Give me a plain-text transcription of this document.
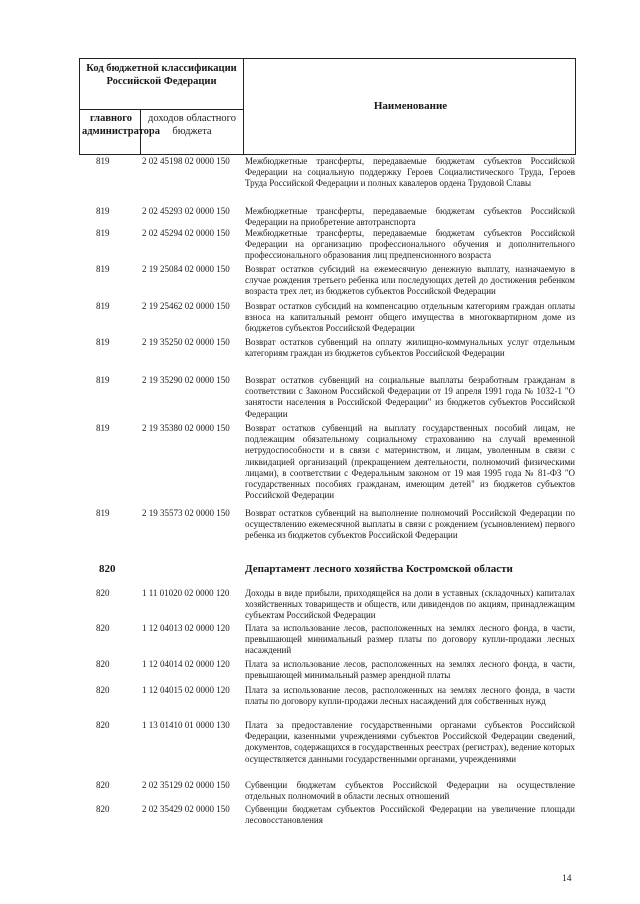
Код бюджетной классификации Российской Федерации
главного администратора
доходов областного бюджета
Наименование
819	2 02 45198 02 0000 150	Межбюджетные трансферты, передаваемые бюджетам субъектов Российской Федерации на социальную поддержку Героев Социалистического Труда, Героев Труда Российской Федерации и полных кавалеров ордена Трудовой Славы
819	2 02 45293 02 0000 150	Межбюджетные трансферты, передаваемые бюджетам субъектов Российской Федерации на приобретение автотранспорта
819	2 02 45294 02 0000 150	Межбюджетные трансферты, передаваемые бюджетам субъектов Российской Федерации на организацию профессионального обучения и дополнительного профессионального образования лиц предпенсионного возраста
819	2 19 25084 02 0000 150	Возврат остатков субсидий на ежемесячную денежную выплату, назначаемую в случае рождения третьего ребенка или последующих детей до достижения ребенком возраста трех лет, из бюджетов субъектов Российской Федерации
819	2 19 25462 02 0000 150	Возврат остатков субсидий на компенсацию отдельным категориям граждан оплаты взноса на капитальный ремонт общего имущества в многоквартирном доме из бюджетов субъектов Российской Федерации
819	2 19 35250 02 0000 150	Возврат остатков субвенций на оплату жилищно-коммунальных услуг отдельным категориям граждан из бюджетов субъектов Российской Федерации
819	2 19 35290 02 0000 150	Возврат остатков субвенций на социальные выплаты безработным гражданам в соответствии с Законом Российской Федерации от 19 апреля 1991 года № 1032-1 "О занятости населения в Российской Федерации" из бюджетов субъектов Российской Федерации
819	2 19 35380 02 0000 150	Возврат остатков субвенций на выплату государственных пособий лицам, не подлежащим обязательному социальному страхованию на случай временной нетрудоспособности и в связи с материнством, и лицам, уволенным в связи с ликвидацией организаций (прекращением деятельности, полномочий физическими лицами), в соответствии с Федеральным законом от 19 мая 1995 года № 81-ФЗ "О государственных пособиях гражданам, имеющим детей" из бюджетов субъектов Российской Федерации
819	2 19 35573 02 0000 150	Возврат остатков субвенций на выполнение полномочий Российской Федерации по осуществлению ежемесячной выплаты в связи с рождением (усыновлением) первого ребенка из бюджетов субъектов Российской Федерации
820	Департамент лесного хозяйства Костромской области
820	1 11 01020 02 0000 120	Доходы в виде прибыли, приходящейся на доли в уставных (складочных) капиталах хозяйственных товариществ и обществ, или дивидендов по акциям, принадлежащим субъектам Российской Федерации
820	1 12 04013 02 0000 120	Плата за использование лесов, расположенных на землях лесного фонда, в части, превышающей минимальный размер платы по договору купли-продажи лесных насаждений
820	1 12 04014 02 0000 120	Плата за использование лесов, расположенных на землях лесного фонда, в части, превышающей минимальный размер арендной платы
820	1 12 04015 02 0000 120	Плата за использование лесов, расположенных на землях лесного фонда, в части платы по договору купли-продажи лесных насаждений для собственных нужд
820	1 13 01410 01 0000 130	Плата за предоставление государственными органами субъектов Российской Федерации, казенными учреждениями субъектов Российской Федерации сведений, документов, содержащихся в государственных реестрах (регистрах), ведение которых осуществляется данными государственными органами, учреждениями
820	2 02 35129 02 0000 150	Субвенции бюджетам субъектов Российской Федерации на осуществление отдельных полномочий в области лесных отношений
820	2 02 35429 02 0000 150	Субвенции бюджетам субъектов Российской Федерации на увеличение площади лесовосстановления
14
